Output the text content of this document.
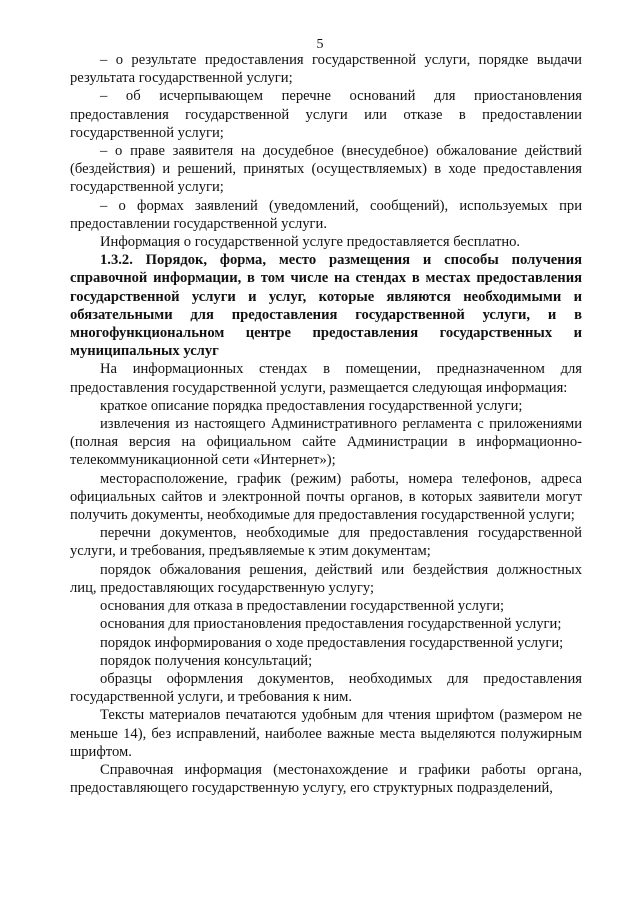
5

– о результате предоставления государственной услуги, порядке выдачи результата государственной услуги;

– об исчерпывающем перечне оснований для приостановления предоставления государственной услуги или отказе в предоставлении государственной услуги;

– о праве заявителя на досудебное (внесудебное) обжалование действий (бездействия) и решений, принятых (осуществляемых) в ходе предоставления государственной услуги;

– о формах заявлений (уведомлений, сообщений), используемых при предоставлении государственной услуги.

Информация о государственной услуге предоставляется бесплатно.

1.3.2. Порядок, форма, место размещения и способы получения справочной информации, в том числе на стендах в местах предоставления государственной услуги и услуг, которые являются необходимыми и обязательными для предоставления государственной услуги, и в многофункциональном центре предоставления государственных и муниципальных услуг

На информационных стендах в помещении, предназначенном для предоставления государственной услуги, размещается следующая информация:

краткое описание порядка предоставления государственной услуги;

извлечения из настоящего Административного регламента с приложениями (полная версия на официальном сайте Администрации в информационно-телекоммуникационной сети «Интернет»);

месторасположение, график (режим) работы, номера телефонов, адреса официальных сайтов и электронной почты органов, в которых заявители могут получить документы, необходимые для предоставления государственной услуги;

перечни документов, необходимые для предоставления государственной услуги, и требования, предъявляемые к этим документам;

порядок обжалования решения, действий или бездействия должностных лиц, предоставляющих государственную услугу;

основания для отказа в предоставлении государственной услуги;

основания для приостановления предоставления государственной услуги;

порядок информирования о ходе предоставления государственной услуги;

порядок получения консультаций;

образцы оформления документов, необходимых для предоставления государственной услуги, и требования к ним.

Тексты материалов печатаются удобным для чтения шрифтом (размером не меньше 14), без исправлений, наиболее важные места выделяются полужирным шрифтом.

Справочная информация (местонахождение и графики работы органа, предоставляющего государственную услугу, его структурных подразделений,
